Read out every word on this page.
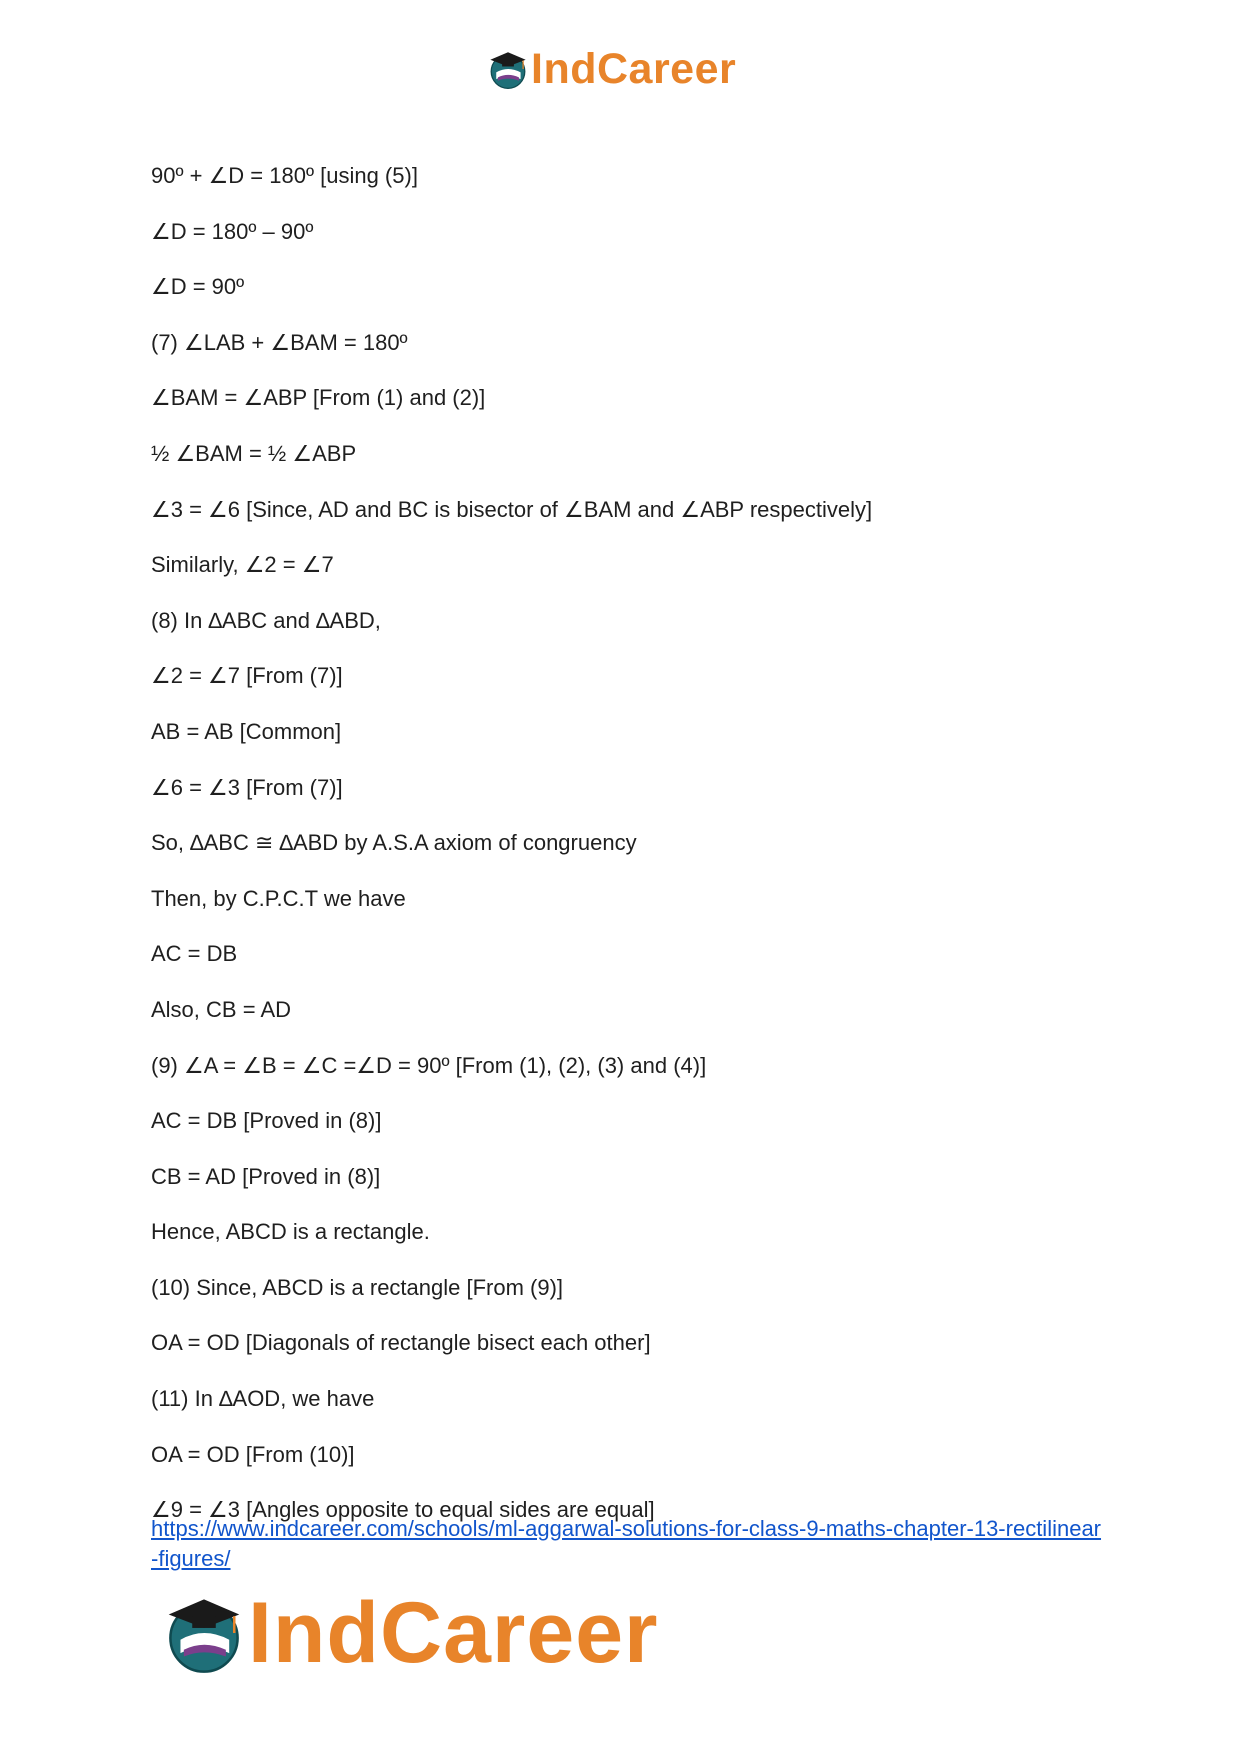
IndCareer
90º + ∠D = 180º [using (5)]
∠D = 180º – 90º
∠D = 90º
(7) ∠LAB + ∠BAM = 180º
∠BAM = ∠ABP [From (1) and (2)]
½ ∠BAM = ½ ∠ABP
∠3 = ∠6 [Since, AD and BC is bisector of ∠BAM and ∠ABP respectively]
Similarly, ∠2 = ∠7
(8) In ∆ABC and ∆ABD,
∠2 = ∠7 [From (7)]
AB = AB [Common]
∠6 = ∠3 [From (7)]
So, ∆ABC ≅ ∆ABD by A.S.A axiom of congruency
Then, by C.P.C.T we have
AC = DB
Also, CB = AD
(9) ∠A = ∠B = ∠C =∠D = 90º [From (1), (2), (3) and (4)]
AC = DB [Proved in (8)]
CB = AD [Proved in (8)]
Hence, ABCD is a rectangle.
(10) Since, ABCD is a rectangle [From (9)]
OA = OD [Diagonals of rectangle bisect each other]
(11) In ∆AOD, we have
OA = OD [From (10)]
∠9 = ∠3 [Angles opposite to equal sides are equal]
https://www.indcareer.com/schools/ml-aggarwal-solutions-for-class-9-maths-chapter-13-rectilinear-figures/
IndCareer
